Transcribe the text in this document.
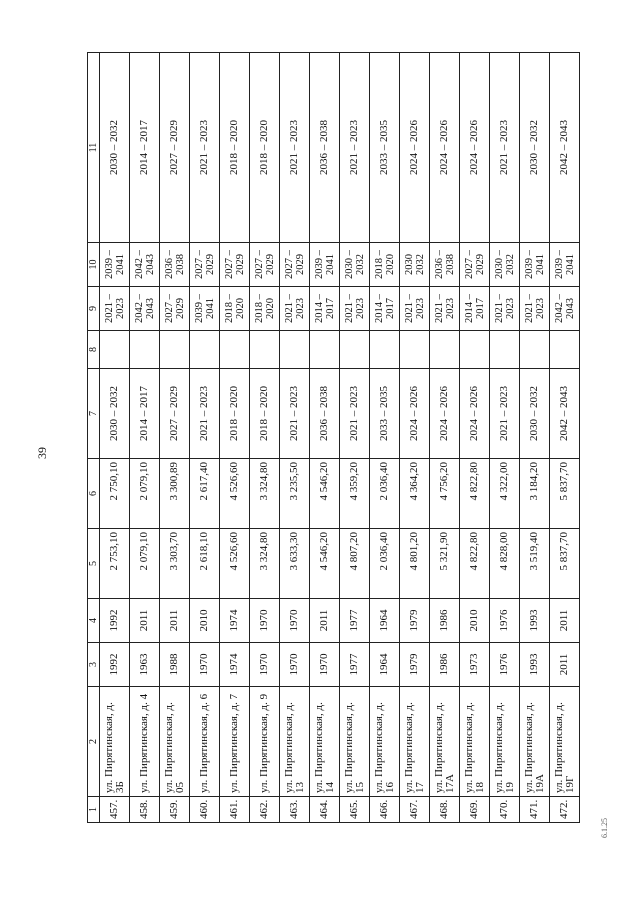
39
1	2	3	4	5	6	7	8	9	10	11
457.	ул. Пирятинская, д. 3Б	1992	1992	2 753,10	2 750,10	2030 – 2032		2021 – 2023	2039 – 2041	2030 – 2032
458.	ул. Пирятинская, д. 4	1963	2011	2 079,10	2 079,10	2014 – 2017		2042 – 2043	2042 – 2043	2014 – 2017
459.	ул. Пирятинская, д. 05	1988	2011	3 303,70	3 300,89	2027 – 2029		2027 – 2029	2036 – 2038	2027 – 2029
460.	ул. Пирятинская, д. 6	1970	2010	2 618,10	2 617,40	2021 – 2023		2039 – 2041	2027 – 2029	2021 – 2023
461.	ул. Пирятинская, д. 7	1974	1974	4 526,60	4 526,60	2018 – 2020		2018 – 2020	2027 – 2029	2018 – 2020
462.	ул. Пирятинская, д. 9	1970	1970	3 324,80	3 324,80	2018 – 2020		2018 – 2020	2027 – 2029	2018 – 2020
463.	ул. Пирятинская, д. 13	1970	1970	3 633,30	3 235,50	2021 – 2023		2021 – 2023	2027 – 2029	2021 – 2023
464.	ул. Пирятинская, д. 14	1970	2011	4 546,20	4 546,20	2036 – 2038		2014 – 2017	2039 – 2041	2036 – 2038
465.	ул. Пирятинская, д. 15	1977	1977	4 807,20	4 359,20	2021 – 2023		2021 – 2023	2030 – 2032	2021 – 2023
466.	ул. Пирятинская, д. 16	1964	1964	2 036,40	2 036,40	2033 – 2035		2014 – 2017	2018 – 2020	2033 – 2035
467.	ул. Пирятинская, д. 17	1979	1979	4 801,20	4 364,20	2024 – 2026		2021 – 2023	2030 2032	2024 – 2026
468.	ул. Пирятинская, д. 17А	1986	1986	5 321,90	4 756,20	2024 – 2026		2021 – 2023	2036 – 2038	2024 – 2026
469.	ул. Пирятинская, д. 18	1973	2010	4 822,80	4 822,80	2024 – 2026		2014 – 2017	2027 – 2029	2024 – 2026
470.	ул. Пирятинская, д. 19	1976	1976	4 828,00	4 322,00	2021 – 2023		2021 – 2023	2030 – 2032	2021 – 2023
471.	ул. Пирятинская, д. 19А	1993	1993	3 519,40	3 184,20	2030 – 2032		2021 – 2023	2039 – 2041	2030 – 2032
472.	ул. Пирятинская, д. 19Г	2011	2011	5 837,70	5 837,70	2042 – 2043		2042 – 2043	2039 – 2041	2042 – 2043
6.1.25
